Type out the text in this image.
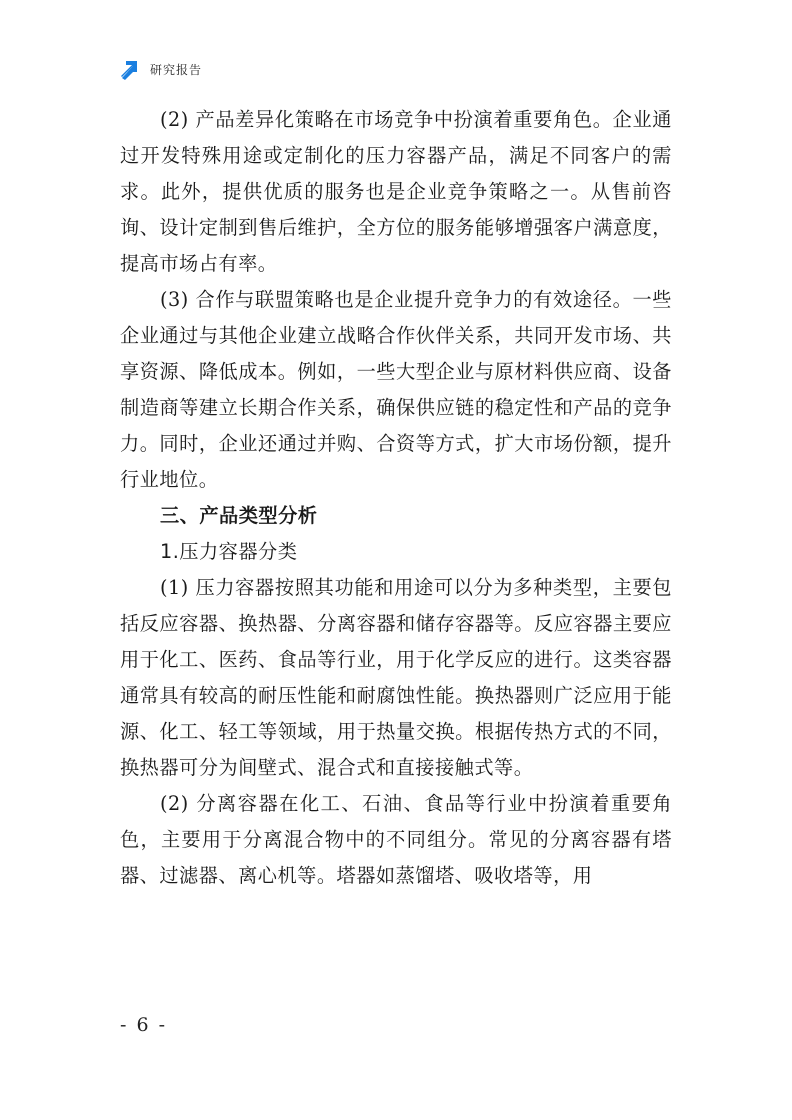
研究报告

(2) 产品差异化策略在市场竞争中扮演着重要角色。企业通过开发特殊用途或定制化的压力容器产品，满足不同客户的需求。此外，提供优质的服务也是企业竞争策略之一。从售前咨询、设计定制到售后维护，全方位的服务能够增强客户满意度，提高市场占有率。

(3) 合作与联盟策略也是企业提升竞争力的有效途径。一些企业通过与其他企业建立战略合作伙伴关系，共同开发市场、共享资源、降低成本。例如，一些大型企业与原材料供应商、设备制造商等建立长期合作关系，确保供应链的稳定性和产品的竞争力。同时，企业还通过并购、合资等方式，扩大市场份额，提升行业地位。

三、产品类型分析

1.压力容器分类

(1) 压力容器按照其功能和用途可以分为多种类型，主要包括反应容器、换热器、分离容器和储存容器等。反应容器主要应用于化工、医药、食品等行业，用于化学反应的进行。这类容器通常具有较高的耐压性能和耐腐蚀性能。换热器则广泛应用于能源、化工、轻工等领域，用于热量交换。根据传热方式的不同，换热器可分为间壁式、混合式和直接接触式等。

(2) 分离容器在化工、石油、食品等行业中扮演着重要角色，主要用于分离混合物中的不同组分。常见的分离容器有塔器、过滤器、离心机等。塔器如蒸馏塔、吸收塔等，用

- 6 -
